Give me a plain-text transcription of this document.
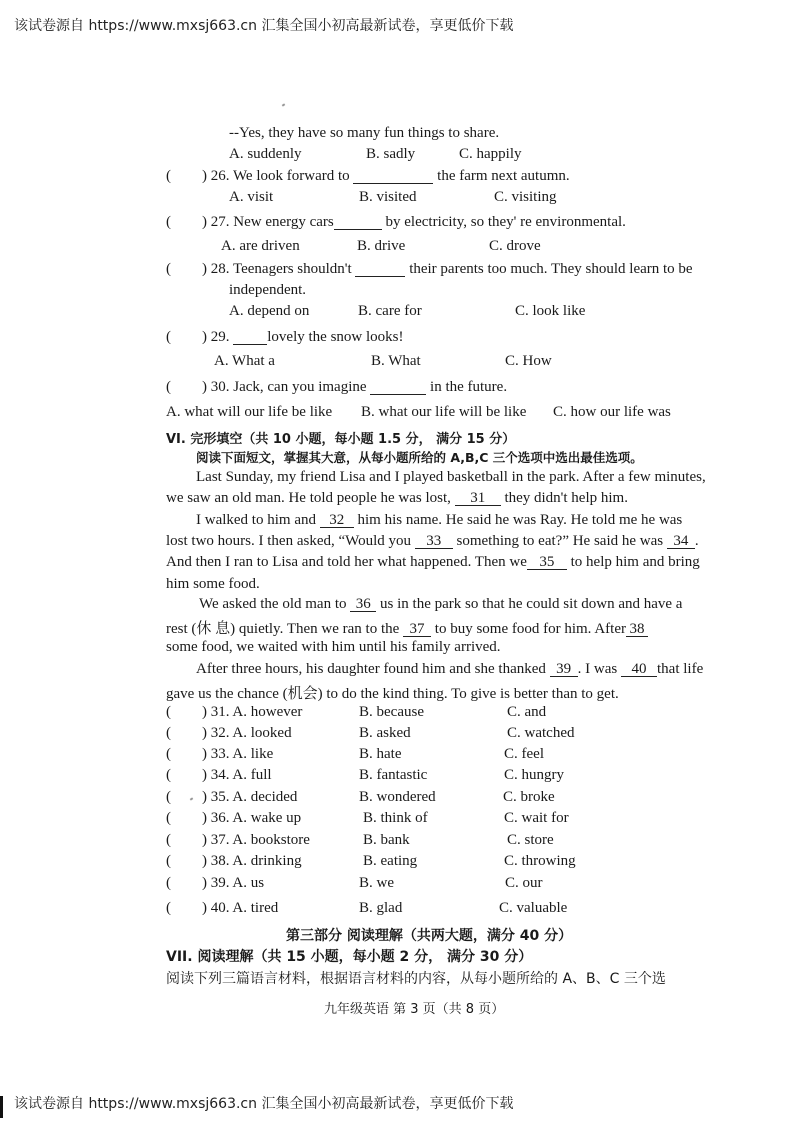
该试卷源自 https://www.mxsj663.cn 汇集全国小初高最新试卷，享更低价下载
该试卷源自 https://www.mxsj663.cn 汇集全国小初高最新试卷，享更低价下载
--Yes, they have so many fun things to share.
A. suddenly	B. sadly	C. happily
( ) 26. We look forward to	the farm next autumn.
A. visit	B. visited	C. visiting
( ) 27. New energy cars	by electricity, so they' re environmental.
A. are driven	B. drive	C. drove
( ) 28. Teenagers shouldn't	their parents too much. They should learn to be
independent.
A. depend on	B. care for	C. look like
( ) 29.	lovely the snow looks!
A. What a	B. What	C. How
( ) 30. Jack, can you imagine	in the future.
A. what will our life be like B. what our life will be like C. how our life was
VI. 完形填空（共 10 小题，每小题 1.5 分， 满分 15 分）
阅读下面短文，掌握其大意，从每小题所给的 A,B,C 三个选项中选出最佳选项。
Last Sunday, my friend Lisa and I played basketball in the park. After a few minutes,
we saw an old man. He told people he was lost, 31 they didn't help him.
I walked to him and 32 him his name. He said he was Ray. He told me he was
lost two hours. I then asked, “Would you 33 something to eat?” He said he was 34 .
And then I ran to Lisa and told her what happened. Then we 35 to help him and bring
him some food.
We asked the old man to 36 us in the park so that he could sit down and have a
rest (休 息) quietly. Then we ran to the 37 to buy some food for him. After 38
some food, we waited with him until his family arrived.
After three hours, his daughter found him and she thanked 39 . I was 40 that life
gave us the chance (机会) to do the kind thing. To give is better than to get.
( ) 31. A. however	B. because	C. and
( ) 32. A. looked	B. asked	C. watched
( ) 33. A. like	B. hate	C. feel
( ) 34. A. full	B. fantastic	C. hungry
( ) 35. A. decided	B. wondered	C. broke
( ) 36. A. wake up	B. think of	C. wait for
( ) 37. A. bookstore	B. bank	C. store
( ) 38. A. drinking	B. eating	C. throwing
( ) 39. A. us	B. we	C. our
( ) 40. A. tired	B. glad	C. valuable
第三部分 阅读理解（共两大题，满分 40 分）
VII. 阅读理解（共 15 小题，每小题 2 分， 满分 30 分）
阅读下列三篇语言材料，根据语言材料的内容，从每小题所给的 A、B、C 三个选
九年级英语 第 3 页（共 8 页）
